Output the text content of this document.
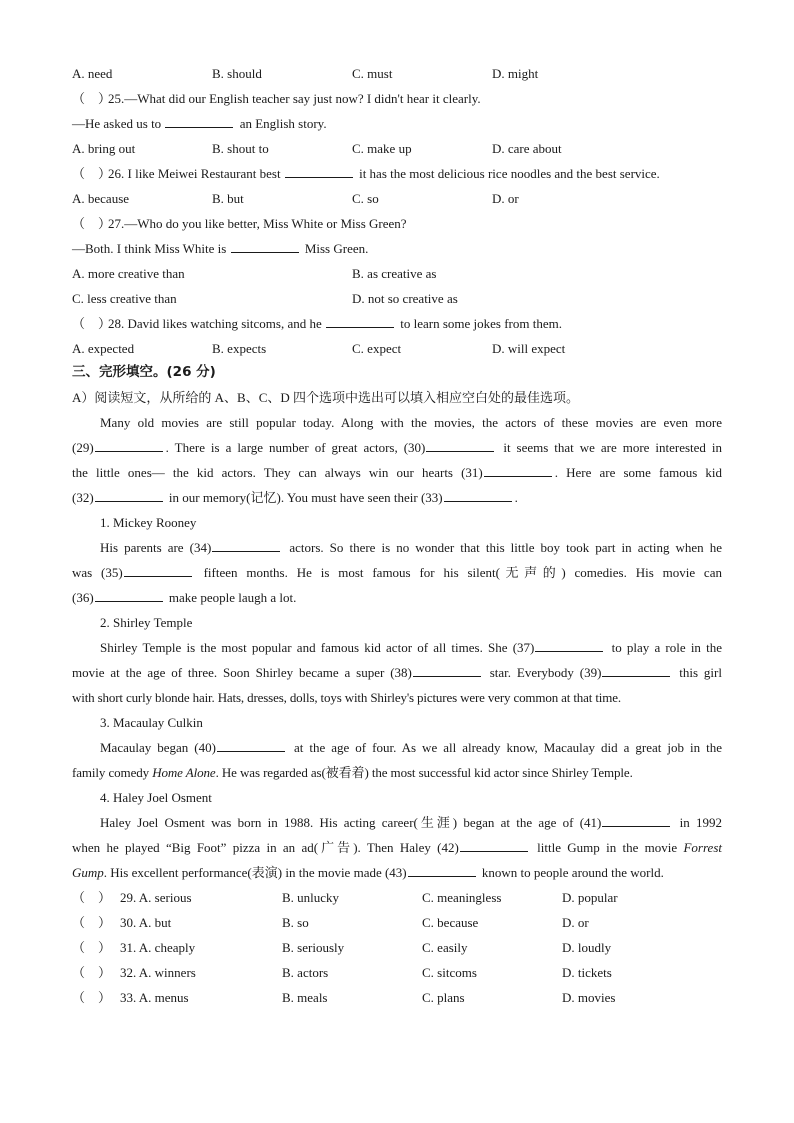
A. need	B. should	C. must	D. might
（　）25.—What did our English teacher say just now? I didn't hear it clearly.
—He asked us to	an English story.
A. bring out	B. shout to	C. make up	D. care about
（　）26. I like Meiwei Restaurant best	it has the most delicious rice noodles and the best service.
A. because	B. but	C. so	D. or
（　）27.—Who do you like better, Miss White or Miss Green?
—Both. I think Miss White is	Miss Green.
A. more creative than	B. as creative as
C. less creative than	D. not so creative as
（　）28. David likes watching sitcoms, and he	to learn some jokes from them.
A. expected	B. expects	C. expect	D. will expect
三、完形填空。(26 分)
A）阅读短文，从所给的 A、B、C、D 四个选项中选出可以填入相应空白处的最佳选项。
Many old movies are still popular today. Along with the movies, the actors of these movies are even more
(29)	. There is a large number of great actors, (30)	it seems that we are more interested in
the little ones— the kid actors. They can always win our hearts (31)	. Here are some famous kid
(32)	in our memory(记忆). You must have seen their (33)	.
1. Mickey Rooney
His parents are (34)	actors. So there is no wonder that this little boy took part in acting when he
was (35)	fifteen months. He is most famous for his silent(无声的) comedies. His movie can
(36)	make people laugh a lot.
2. Shirley Temple
Shirley Temple is the most popular and famous kid actor of all times. She (37)	to play a role in the
movie at the age of three. Soon Shirley became a super (38)	star. Everybody (39)	this girl
with short curly blonde hair. Hats, dresses, dolls, toys with Shirley's pictures were very common at that time.
3. Macaulay Culkin
Macaulay began (40)	at the age of four. As we all already know, Macaulay did a great job in the
family comedy Home Alone. He was regarded as(被看着) the most successful kid actor since Shirley Temple.
4. Haley Joel Osment
Haley Joel Osment was born in 1988. His acting career(生涯) began at the age of (41)	in 1992
when he played “Big Foot” pizza in an ad(广告). Then Haley (42)	little Gump in the movie Forrest
Gump. His excellent performance(表演) in the movie made (43)	known to people around the world.
（　） 29. A. serious	B. unlucky	C. meaningless	D. popular
（　） 30. A. but	B. so	C. because	D. or
（　） 31. A. cheaply	B. seriously	C. easily	D. loudly
（　） 32. A. winners	B. actors	C. sitcoms	D. tickets
（　） 33. A. menus	B. meals	C. plans	D. movies
